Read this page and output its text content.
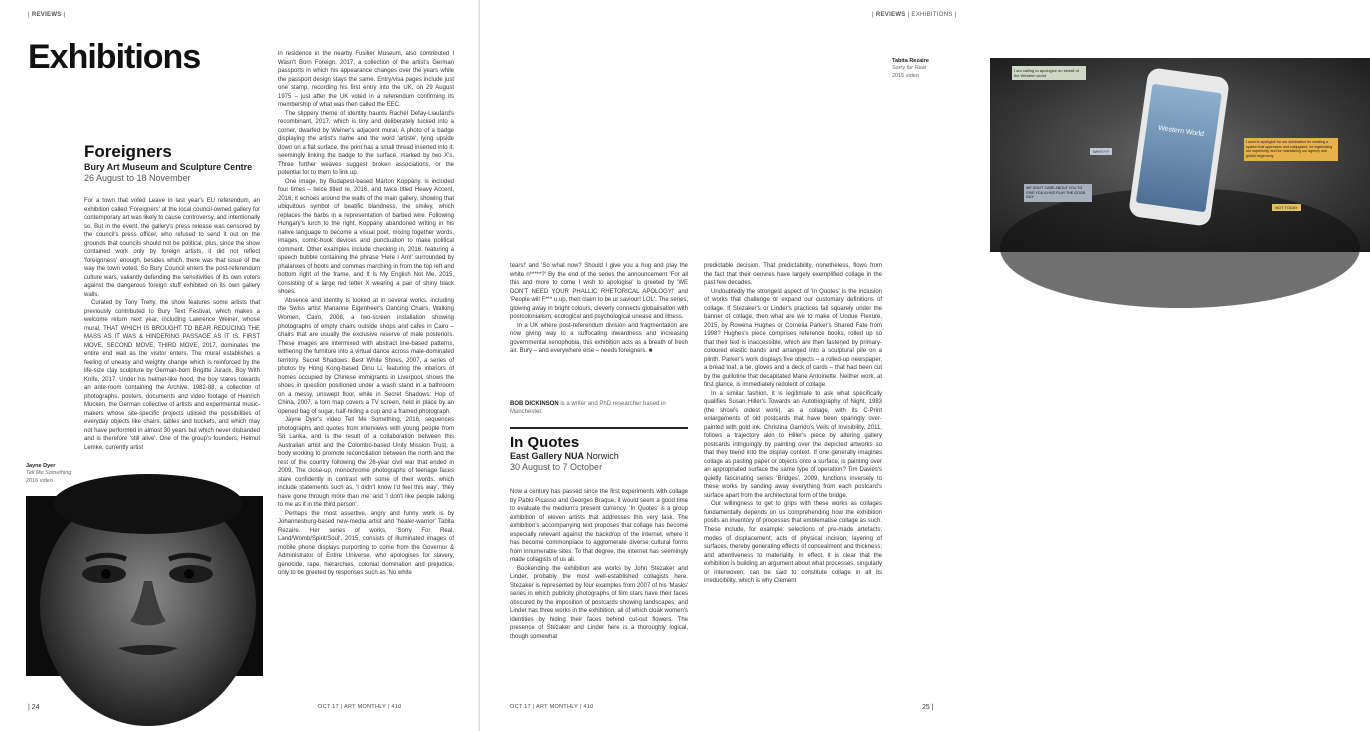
| REVIEWS |
Exhibitions
Foreigners

Bury Art Museum and Sculpture Centre

26 August to 18 November

For a town that voted Leave in last year's EU referendum, an exhibition called 'Foreigners' at the local council-owned gallery for contemporary art was likely to cause controversy, and intentionally so. But in the event, the gallery's press release was censored by the council's press officer, who refused to send it out on the grounds that councils should not be political, plus, since the show contained work only by foreign artists, it did not reflect 'foreignness' enough, besides which, there was that issue of the way the town voted. So Bury Council enters the post-referendum culture wars, valiantly defending the sensitivities of its own voters against the dangerous foreign stuff exhibited on its own gallery walls.

Curated by Tony Trehy, the show features some artists that previously contributed to Bury Text Festival, which makes a welcome return next year, including Lawrence Weiner, whose mural, THAT WHICH IS BROUGHT TO BEAR REDUCING THE MASS AS IT WAS & HINDERING PASSAGE AS IT IS, FIRST MOVE, SECOND MOVE, THIRD MOVE, 2017, dominates the entire end wall as the visitor enters. The mural establishes a feeling of uneasy and weighty change which is reinforced by the life-size clay sculpture by German-born Brigitte Jurack, Boy With Knife, 2017. Under his helmet-like hood, the boy stares towards an ante-room containing the Archive, 1982-88, a collection of photographs, posters, documents and video footage of Heinrich Mucken, the German collective of artists and experimental music-makers whose site-specific projects utilised the possibilities of everyday objects like chairs, tables and buckets, and which may not have performed in almost 30 years but which never disbanded and is therefore 'still alive'. One of the group's founders, Helmut Lemke, currently artist

Jayne Dyer
Tell Me Something
2016 video

in residence in the nearby Fusilier Museum, also contributed I Wasn't Born Foreign, 2017, a collection of the artist's German passports in which his appearance changes over the years while the passport design stays the same. Entry/visa pages include just one stamp, recording his first entry into the UK, on 29 August 1975 – just after the UK voted in a referendum confirming its membership of what was then called the EEC.

The slippery theme of identity haunts Rachel Defay-Liautard's recombinant, 2017, which is tiny and deliberately tucked into a corner, dwarfed by Weiner's adjacent mural. A photo of a badge displaying the artist's name and the word 'artiste', lying upside down on a flat surface, the print has a small thread inserted into it, seemingly linking the badge to the surface, marked by two X's. Three further weaves suggest broken associations, or the potential for to them to link up.

One image, by Budapest-based Márton Koppány, is included four times – twice titled re, 2016, and twice titled Heavy Accent, 2016, it echoes around the walls of the main gallery, showing that ubiquitous symbol of beatific blandness, the smiley, which replaces the barbs in a representation of barbed wire. Following Hungary's lurch to the right, Koppány abandoned writing in his native language to become a visual poet, mixing together words, images, comic-book devices and punctuation to make political comment. Other examples include checking in, 2016, featuring a speech bubble containing the phrase 'Here I Am!' surrounded by phalanxes of boots and commas marching in from the top left and bottom right of the frame, and It is My English Not Me, 2015, consisting of a large red letter X wearing a pair of shiny black shoes.

Absence and identity is looked at in several works, including the Swiss artist Marianne Eigenheer's Dancing Chairs, Walking Women, Cairo, 2008, a two-screen installation showing photographs of empty chairs outside shops and cafes in Cairo – chairs that are usually the exclusive reserve of male posteriors. These images are intermixed with abstract line-based patterns, withering the furniture into a virtual dance across male-dominated territory. Secret Shadows: Best White Shoes, 2007, a series of photos by Hong Kong-based Dinu Li, featuring the interiors of homes occupied by Chinese immigrants in Liverpool, shows the shoes in question positioned under a wash stand in a bathroom on a messy, unswept floor, while in Secret Shadows: Hop of China, 2007, a torn map covers a TV screen, held in place by an opened bag of sugar, half-hiding a cup and a framed photograph.

Jayne Dyer's video Tell Me Something, 2016, sequences photographs and quotes from interviews with young people from Sri Lanka, and is the result of a collaboration between this Australian artist and the Colombo-based Unity Mission Trust, a body working to promote reconciliation between the north and the rest of the country following the 26-year civil war that ended in 2009. The close-up, monochrome photographs of teenage faces stare confidently in contrast with some of their words, which include statements such as, 'I didn't know I'd feel this way', 'they have gone through more than me' and 'I don't like people talking to me as if in the third person'.

Perhaps the most assertive, angry and funny work is by Johannesburg-based new-media artist and 'healer-warrior' Tabita Rezaire. Her series of works, 'Sorry For Real, Land/Womb/Spirit/Soul', 2015, consists of illuminated images of mobile phone displays purporting to come from the Governor & Administrator of Entire Universe, who apologises for slavery, genocide, rape, hierarchies, colonial domination and prejudice, only to be greeted by responses such as 'No white

| 24	OCT 17 | ART MONTHLY | 410
| REVIEWS | EXHIBITIONS |
Western World
I am calling to apologize on behalf of the Western world
I want to apologize for our domination for creating a system that oppresses and subjugates, for legitimizing our superiority, and for maintaining our agency and global hegemony
WE DON'T CARE ABOUT YOU TO GIVE YOU A HUG PLAY THE GOOD GUY
WHY???
NOT TODAY
Tabita Rezaire
Sorry for Real
2015 video

tears!' and 'So what now? Should I give you a hug and play the white n*****?' By the end of the series the announcement 'For all this and more to come I wish to apologise' is greeted by 'WE DON'T NEED YOUR PHALLIC RHETORICAL APOLOGY!' and 'People will F*** u up, then claim to be ur saviour! LOL'. The series, glowing away in bright colours, cleverly connects globalisation with postcolonialism, ecological and psychological unease and illness.

In a UK where post-referendum division and fragmentation are now giving way to a suffocating inwardness and increasing governmental xenophobia, this exhibition acts as a breath of fresh air. Bury – and everywhere else – needs foreigners. ■

BOB DICKINSON is a writer and PhD researcher based in Manchester.
In Quotes

East Gallery NUA Norwich

30 August to 7 October

Now a century has passed since the first experiments with collage by Pablo Picasso and Georges Braque, it would seem a good time to evaluate the medium's present currency. 'In Quotes' is a group exhibition of eleven artists that addresses this very task. The exhibition's accompanying text proposes that collage has become especially relevant against the backdrop of the internet, where it has become commonplace to agglomerate diverse cultural forms from innumerable sites. To that degree, the internet has seemingly made collagists of us all.

Bookending the exhibition are works by John Stezaker and Linder, probably the most well-established collagists here. Stezaker is represented by four examples from 2007 of his 'Masks' series in which publicity photographs of film stars have their faces obscured by the imposition of postcards showing landscapes; and Linder has three works in the exhibition, all of which cloak women's identities by hiding their faces behind cut-out flowers. The presence of Stezaker and Linder here is a thoroughly logical, though somewhat

predictable decision. That predictability, nonetheless, flows from the fact that their oeuvres have largely exemplified collage in the past few decades.

Undoubtedly the strongest aspect of 'In Quotes' is the inclusion of works that challenge or expand our customary definitions of collage. If Stezaker's or Linder's practices fall squarely under the banner of collage, then what are we to make of Undue Flexure, 2015, by Rowena Hughes or Cornelia Parker's Shared Fate from 1998? Hughes's piece comprises reference books, rolled up so that their text is inaccessible, which are then fastened by primary-coloured elastic bands and arranged into a sculptural pile on a plinth. Parker's work displays five objects – a rolled-up newspaper, a bread loaf, a tie, gloves and a deck of cards – that had been cut by the guillotine that decapitated Marie Antoinette. Neither work, at first glance, is immediately redolent of collage.

In a similar fashion, it is legitimate to ask what specifically qualifies Susan Hiller's Towards an Autobiography of Night, 1983 (the show's oldest work), as a collage, with its C-Print enlargements of old postcards that have been sparingly over-painted with gold ink. Christina Garrido's Veils of Invisibility, 2011, follows a trajectory akin to Hiller's piece by altering gallery postcards intriguingly by painting over the depicted artworks so that they blend into the display context. If one generally imagines collage as pasting paper or objects onto a surface, is painting over an appropriated surface the same type of operation? Tim Davies's quietly fascinating series 'Bridges', 2009, functions inversely to these works by sanding away everything from each postcard's surface apart from the architectural form of the bridge.

Our willingness to get to grips with these works as collages fundamentally depends on us comprehending how the exhibition posits an inventory of processes that emblematise collage as such. These include, for example: selections of pre-made artefacts; modes of displacement; acts of physical incision; layering of surfaces, thereby generating effects of concealment and thickness; and attentiveness to materiality. In effect, it is clear that the exhibition is building an argument about what processes, singularly or interwoven, can be said to constitute collage in all its irreducibility, which is why Clement

OCT 17 | ART MONTHLY | 410	25 |
